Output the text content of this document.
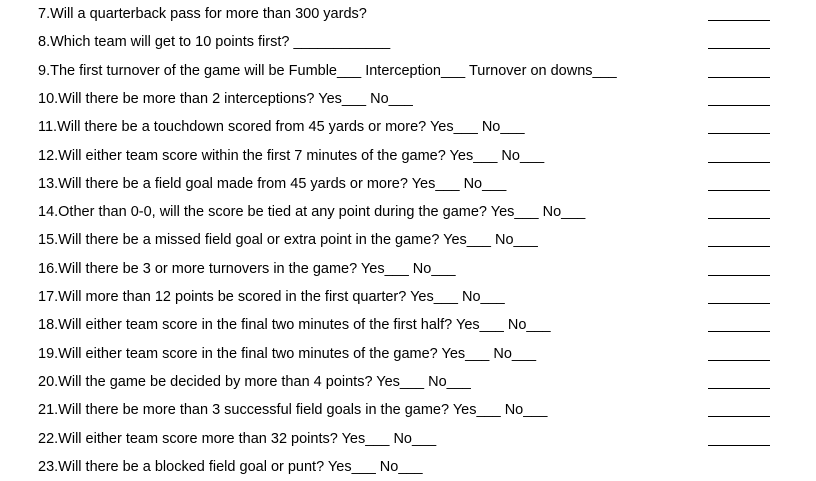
7.Will a quarterback pass for more than 300 yards?
8.Which team will get to 10 points first? ____________
9.The first turnover of the game will be Fumble___ Interception___ Turnover on downs___
10.Will there be more than 2 interceptions? Yes___ No___
11.Will there be a touchdown scored from 45 yards or more? Yes___ No___
12.Will either team score within the first 7 minutes of the game? Yes___ No___
13.Will there be a field goal made from 45 yards or more? Yes___ No___
14.Other than 0-0, will the score be tied at any point during the game? Yes___ No___
15.Will there be a missed field goal or extra point in the game? Yes___ No___
16.Will there be 3 or more turnovers in the game? Yes___ No___
17.Will more than 12 points be scored in the first quarter? Yes___ No___
18.Will either team score in the final two minutes of the first half? Yes___ No___
19.Will either team score in the final two minutes of the game? Yes___ No___
20.Will the game be decided by more than 4 points? Yes___ No___
21.Will there be more than 3 successful field goals in the game? Yes___ No___
22.Will either team score more than 32 points? Yes___ No___
23.Will there be a blocked field goal or punt? Yes___ No___
